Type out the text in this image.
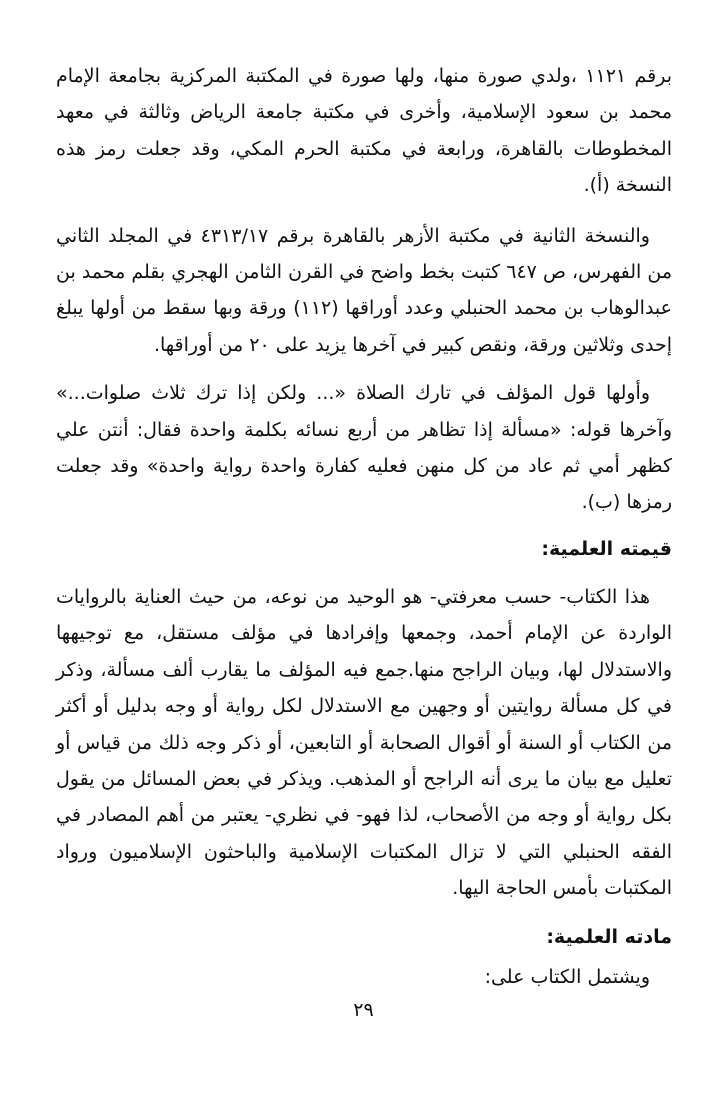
برقم ١١٢١ ،ولدي صورة منها، ولها صورة في المكتبة المركزية بجامعة الإمام محمد بن سعود الإسلامية، وأخرى في مكتبة جامعة الرياض وثالثة في معهد المخطوطات بالقاهرة، ورابعة في مكتبة الحرم المكي، وقد جعلت رمز هذه النسخة (أ).

والنسخة الثانية في مكتبة الأزهر بالقاهرة برقم ٤٣١٣/١٧ في المجلد الثاني من الفهرس، ص ٦٤٧ كتبت بخط واضح في القرن الثامن الهجري بقلم محمد بن عبدالوهاب بن محمد الحنبلي وعدد أوراقها (١١٢) ورقة وبها سقط من أولها يبلغ إحدى وثلاثين ورقة، ونقص كبير في آخرها يزيد على ٢٠ من أوراقها.

وأولها قول المؤلف في تارك الصلاة «... ولكن إذا ترك ثلاث صلوات...» وآخرها قوله: «مسألة إذا تظاهر من أربع نسائه بكلمة واحدة فقال: أنتن علي كظهر أمي ثم عاد من كل منهن فعليه كفارة واحدة رواية واحدة» وقد جعلت رمزها (ب).

قيمته العلمية:

هذا الكتاب- حسب معرفتي- هو الوحيد من نوعه، من حيث العناية بالروايات الواردة عن الإمام أحمد، وجمعها وإفرادها في مؤلف مستقل، مع توجيهها والاستدلال لها، وبيان الراجح منها.جمع فيه المؤلف ما يقارب ألف مسألة، وذكر في كل مسألة روايتين أو وجهين مع الاستدلال لكل رواية أو وجه بدليل أو أكثر من الكتاب أو السنة أو أقوال الصحابة أو التابعين، أو ذكر وجه ذلك من قياس أو تعليل مع بيان ما يرى أنه الراجح أو المذهب. ويذكر في بعض المسائل من يقول بكل رواية أو وجه من الأصحاب، لذا فهو- في نظري- يعتبر من أهم المصادر في الفقه الحنبلي التي لا تزال المكتبات الإسلامية والباحثون الإسلاميون ورواد المكتبات بأمس الحاجة اليها.

مادته العلمية:

ويشتمل الكتاب على:

٢٩
